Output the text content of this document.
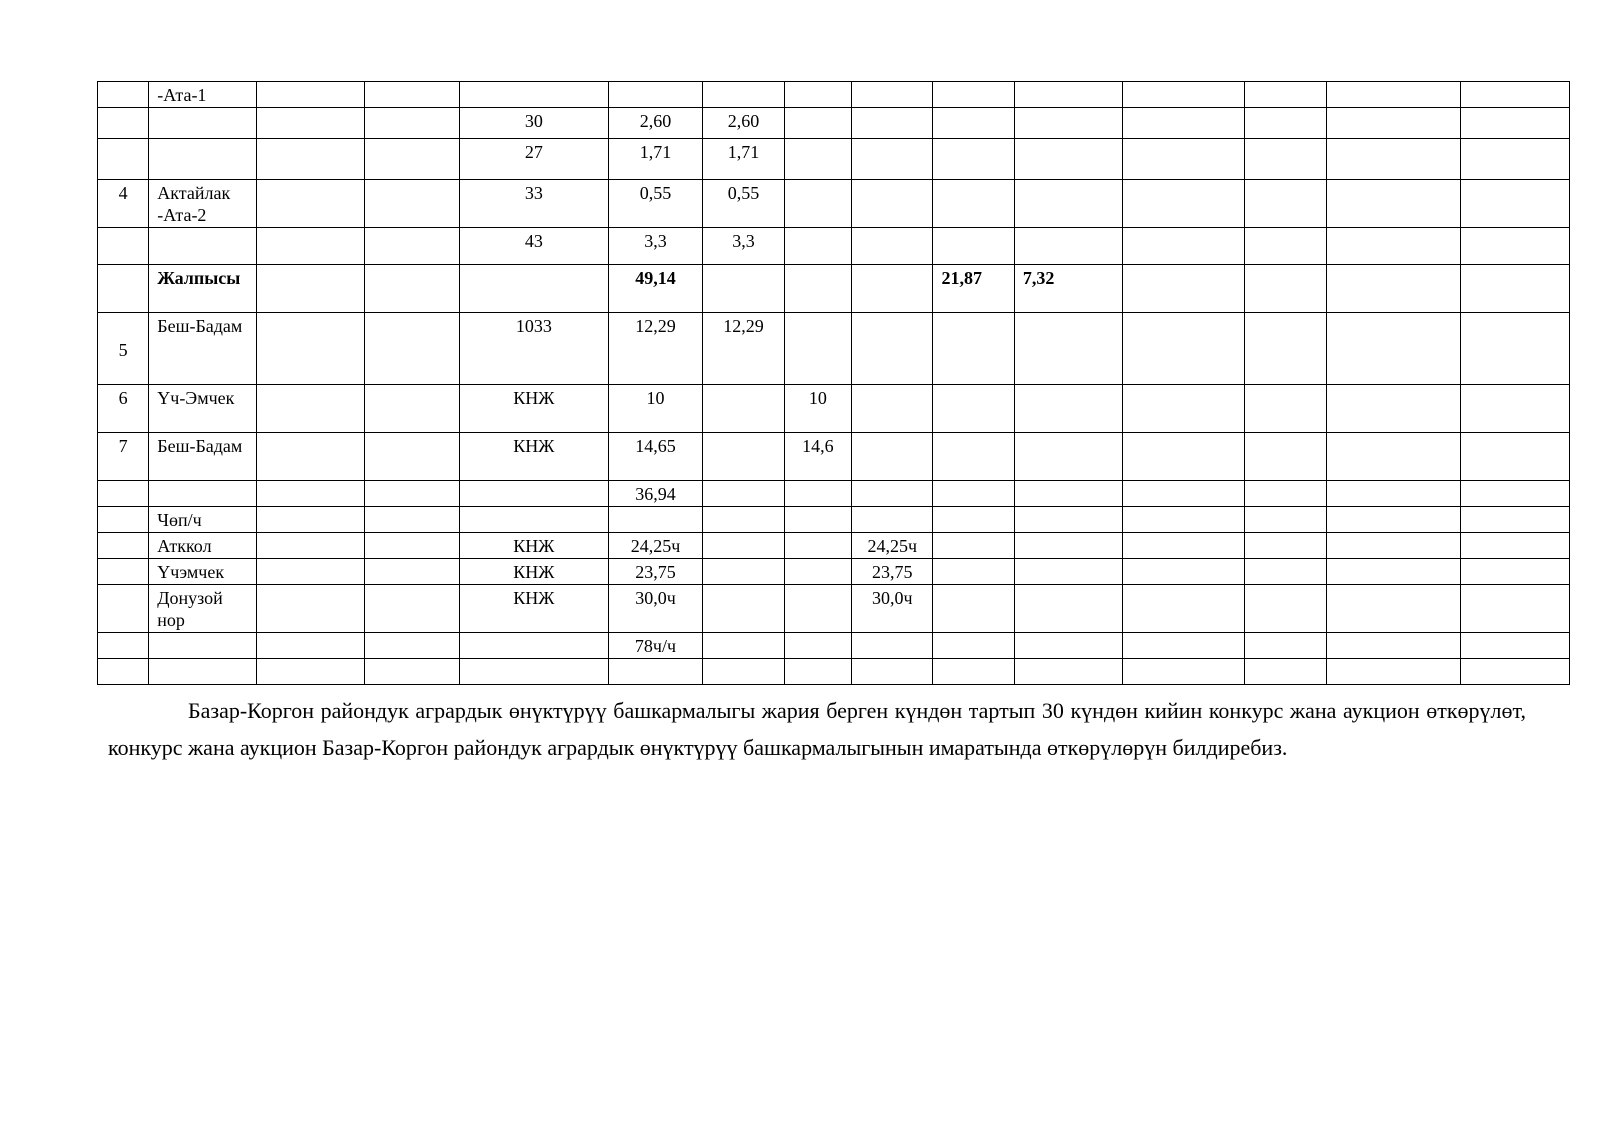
	-Ата-1													
				30	2,60	2,60								
				27	1,71	1,71								
4	Актайлак -Ата-2			33	0,55	0,55								
				43	3,3	3,3								
	Жалпысы				49,14				21,87	7,32				
5	Беш-Бадам			1033	12,29	12,29								
6	Үч-Эмчек			КНЖ	10		10							
7	Беш-Бадам			КНЖ	14,65		14,6							
					36,94									
	Чөп/ч													
	Атккол			КНЖ	24,25ч			24,25ч						
	Үчэмчек			КНЖ	23,75			23,75						
	Донузой нор			КНЖ	30,0ч			30,0ч						
					78ч/ч									

Базар-Коргон райондук агрардык өнүктүрүү башкармалыгы жария берген күндөн тартып 30 күндөн кийин конкурс жана аукцион өткөрүлөт, конкурс жана аукцион Базар-Коргон райондук агрардык өнүктүрүү башкармалыгынын имаратында өткөрүлөрүн билдиребиз.
